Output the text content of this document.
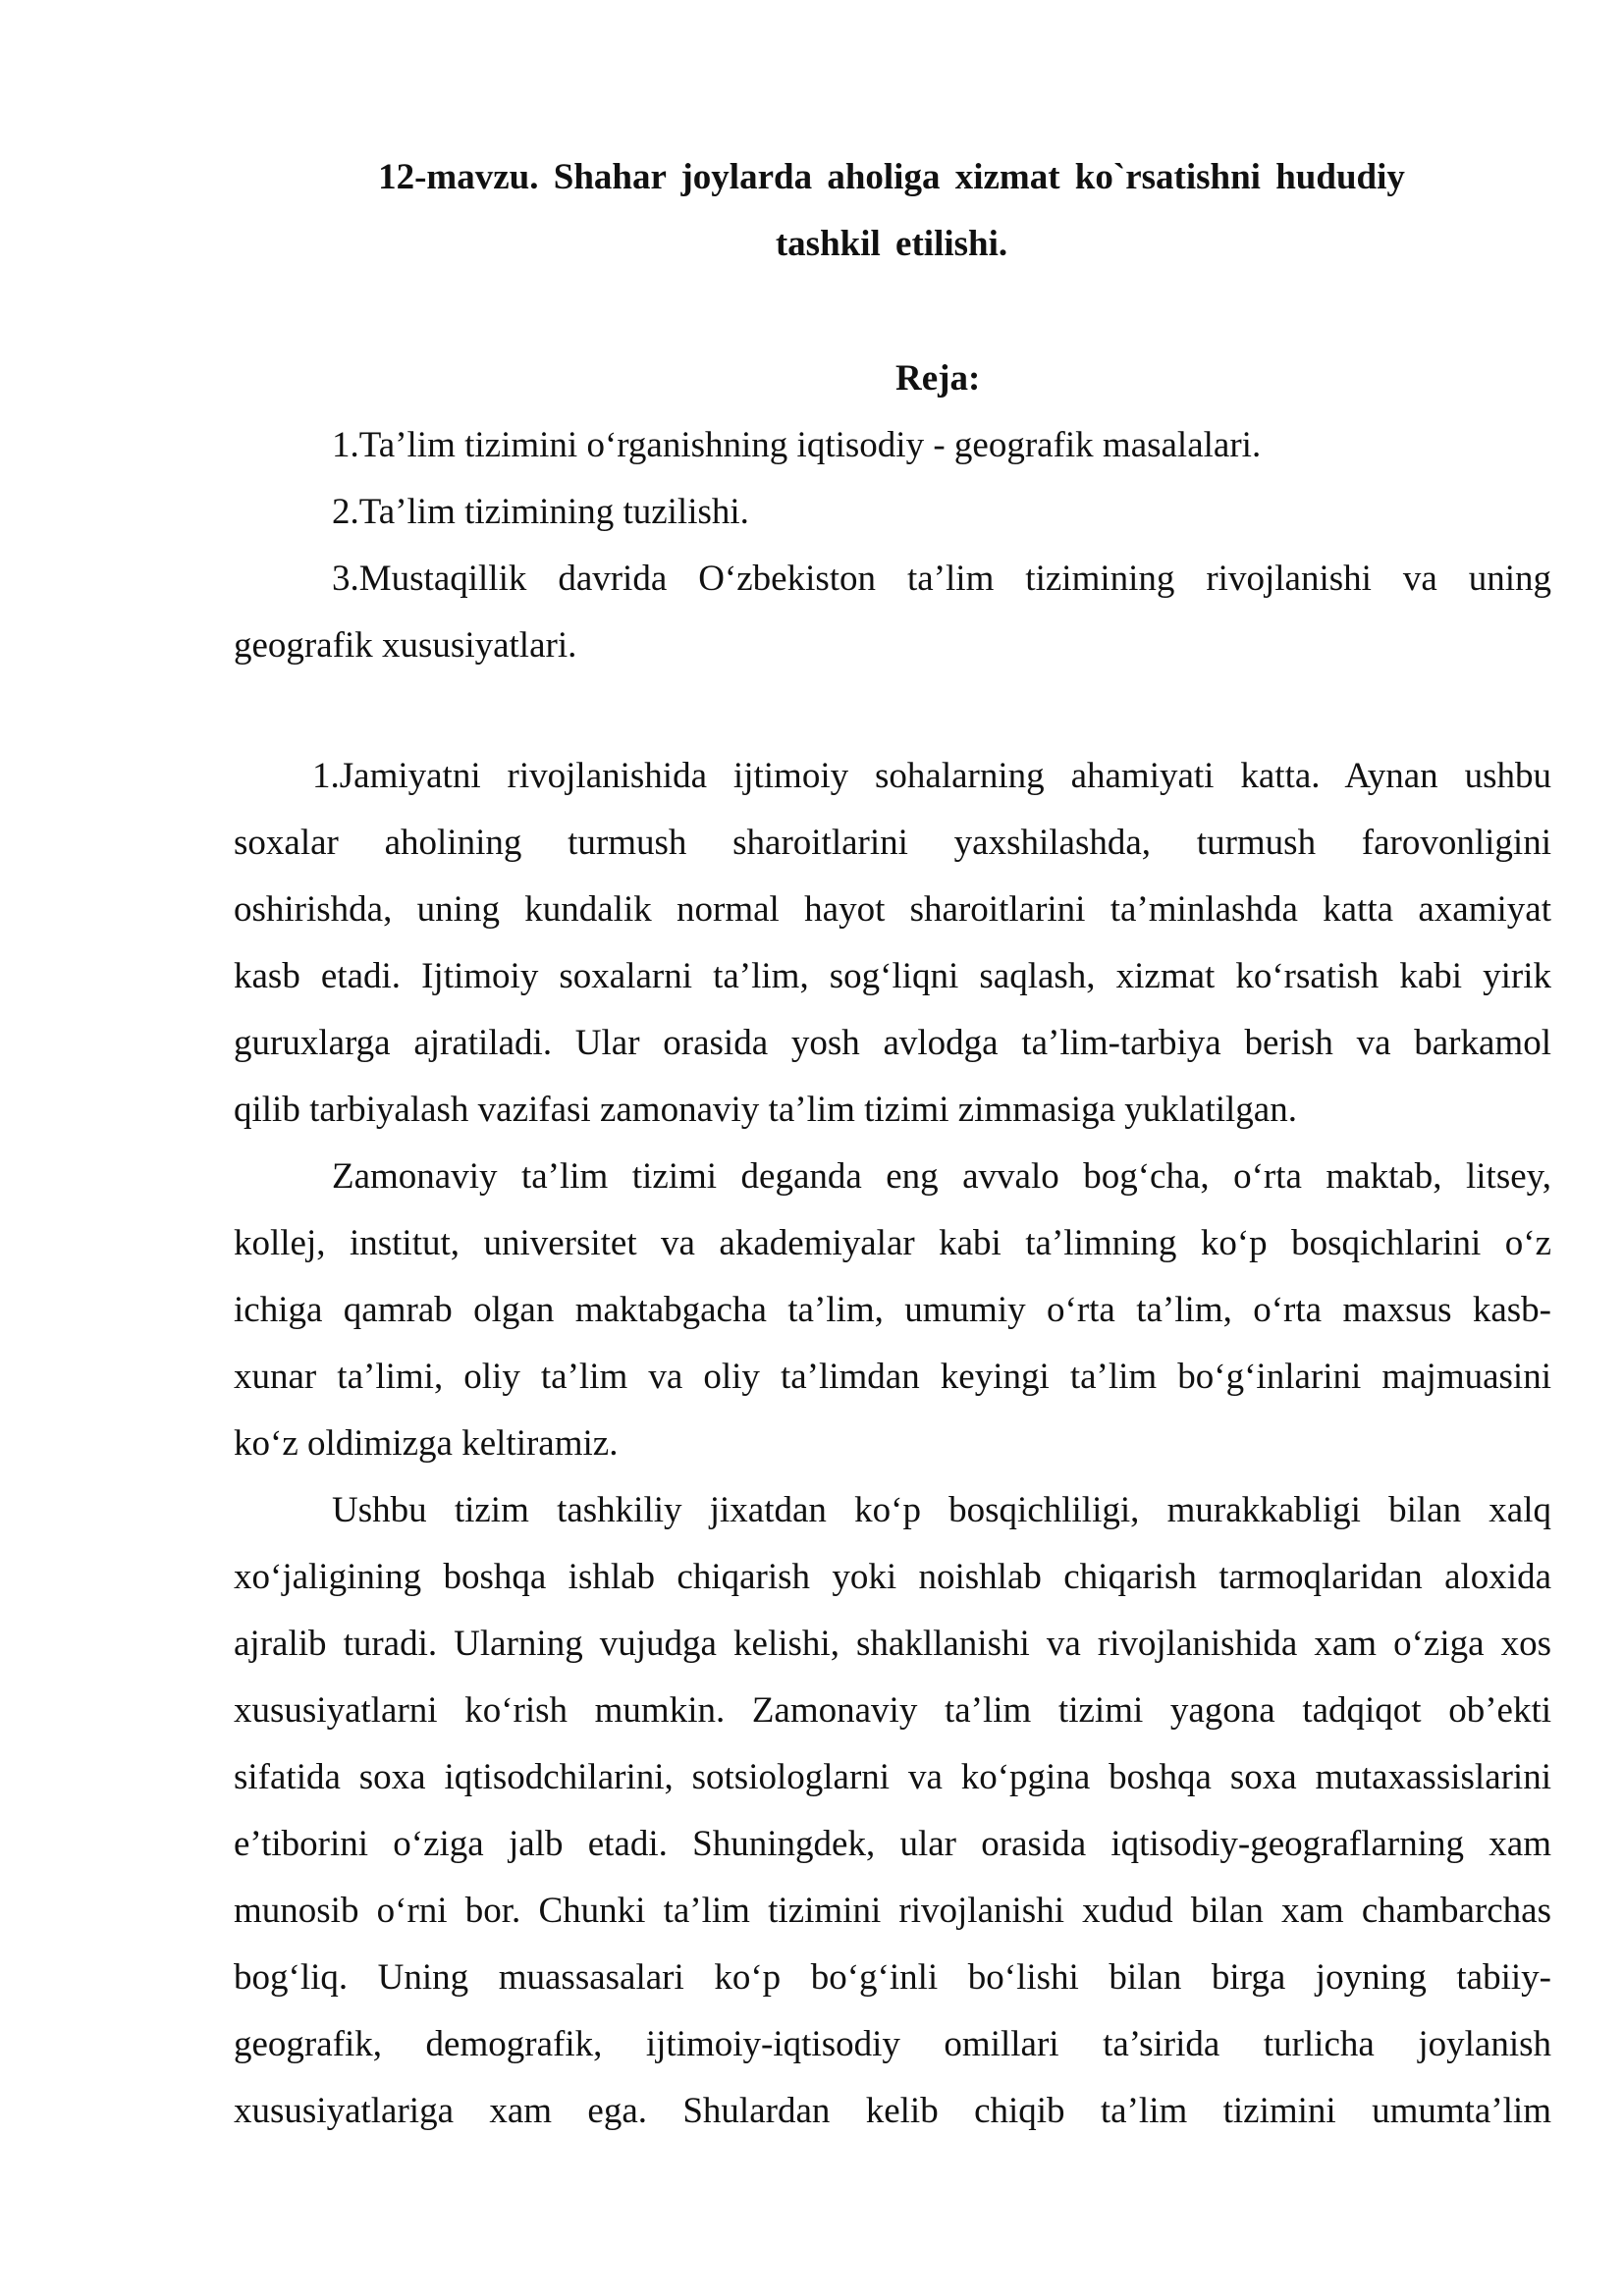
12-mavzu. Shahar joylarda aholiga xizmat ko`rsatishni hududiy
tashkil etilishi.
Reja:
1.Ta’lim tizimini o‘rganishning iqtisodiy - geografik masalalari.
2.Ta’lim tizimining tuzilishi.
3.Mustaqillik davrida O‘zbekiston ta’lim tizimining rivojlanishi va uning
geografik xususiyatlari.
1.Jamiyatni rivojlanishida ijtimoiy sohalarning ahamiyati katta. Aynan ushbu
soxalar aholining turmush sharoitlarini yaxshilashda, turmush farovonligini
oshirishda, uning kundalik normal hayot sharoitlarini ta’minlashda katta axamiyat
kasb etadi. Ijtimoiy soxalarni ta’lim, sog‘liqni saqlash, xizmat ko‘rsatish kabi yirik
guruxlarga ajratiladi. Ular orasida yosh avlodga ta’lim-tarbiya berish va barkamol
qilib tarbiyalash vazifasi zamonaviy ta’lim tizimi zimmasiga yuklatilgan.
Zamonaviy ta’lim tizimi deganda eng avvalo bog‘cha, o‘rta maktab, litsey,
kollej, institut, universitet va akademiyalar kabi ta’limning ko‘p bosqichlarini o‘z
ichiga qamrab olgan maktabgacha ta’lim, umumiy o‘rta ta’lim, o‘rta maxsus kasb-
xunar ta’limi, oliy ta’lim va oliy ta’limdan keyingi ta’lim bo‘g‘inlarini majmuasini
ko‘z oldimizga keltiramiz.
Ushbu tizim tashkiliy jixatdan ko‘p bosqichliligi, murakkabligi bilan xalq
xo‘jaligining boshqa ishlab chiqarish yoki noishlab chiqarish tarmoqlaridan aloxida
ajralib turadi. Ularning vujudga kelishi, shakllanishi va rivojlanishida xam o‘ziga xos
xususiyatlarni ko‘rish mumkin. Zamonaviy ta’lim tizimi yagona tadqiqot ob’ekti
sifatida soxa iqtisodchilarini, sotsiologlarni va ko‘pgina boshqa soxa mutaxassislarini
e’tiborini o‘ziga jalb etadi. Shuningdek, ular orasida iqtisodiy-geograflarning xam
munosib o‘rni bor. Chunki ta’lim tizimini rivojlanishi xudud bilan xam chambarchas
bog‘liq. Uning muassasalari ko‘p bo‘g‘inli bo‘lishi bilan birga joyning tabiiy-
geografik, demografik, ijtimoiy-iqtisodiy omillari ta’sirida turlicha joylanish
xususiyatlariga xam ega. Shulardan kelib chiqib ta’lim tizimini umumta’lim
